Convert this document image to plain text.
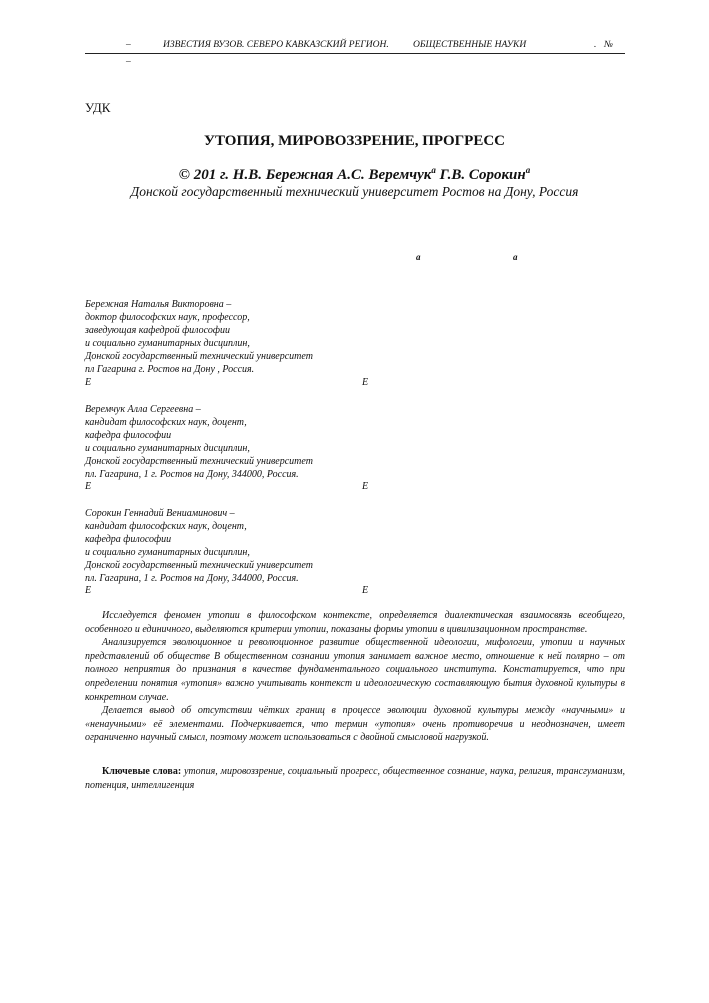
–	ИЗВЕСТИЯ ВУЗОВ. СЕВЕРО КАВКАЗСКИЙ РЕГИОН.	ОБЩЕСТВЕННЫЕ НАУКИ	. №
–
УДК
УТОПИЯ, МИРОВОЗЗРЕНИЕ, ПРОГРЕСС
© 201 г. Н.В. Бережная А.С. Веремчук$^а$ Г.В. Сорокин$^а$
Донской государственный технический университет Ростов на Дону, Россия
а	а
Бережная Наталья Викторовна –
доктор философских наук, профессор,
заведующая кафедрой философии
и социально гуманитарных дисциплин,
Донской государственный технический университет
пл Гагарина г. Ростов на Дону , Россия.
E	E
Веремчук Алла Сергеевна –
кандидат философских наук, доцент,
кафедра философии
и социально гуманитарных дисциплин,
Донской государственный технический университет
пл. Гагарина, 1 г. Ростов на Дону, 344000, Россия.
E	E
Сорокин Геннадий Вениаминович –
кандидат философских наук, доцент,
кафедра философии
и социально гуманитарных дисциплин,
Донской государственный технический университет
пл. Гагарина, 1 г. Ростов на Дону, 344000, Россия.
E	E

Исследуется феномен утопии в философском контексте, определяется диалектическая взаимосвязь всеобщего, особенного и единичного, выделяются критерии утопии, показаны формы утопии в цивилизационном пространстве.

Анализируется эволюционное и революционное развитие общественной идеологии, мифологии, утопии и научных представлений об обществе В общественном сознании утопия занимает важное место, отношение к ней полярно – от полного неприятия до признания в качестве фундаментального социального института. Констатируется, что при определении понятия «утопия» важно учитывать контекст и идеологическую составляющую бытия духовной культуры в конкретном случае.

Делается вывод об отсутствии чётких границ в процессе эволюции духовной культуры между «научными» и «ненаучными» её элементами. Подчеркивается, что термин «утопия» очень противоречив и неоднозначен, имеет ограниченно научный смысл, поэтому может использоваться с двойной смысловой нагрузкой.

Ключевые слова: утопия, мировоззрение, социальный прогресс, общественное сознание, наука, религия, трансгуманизм, потенция, интеллигенция
